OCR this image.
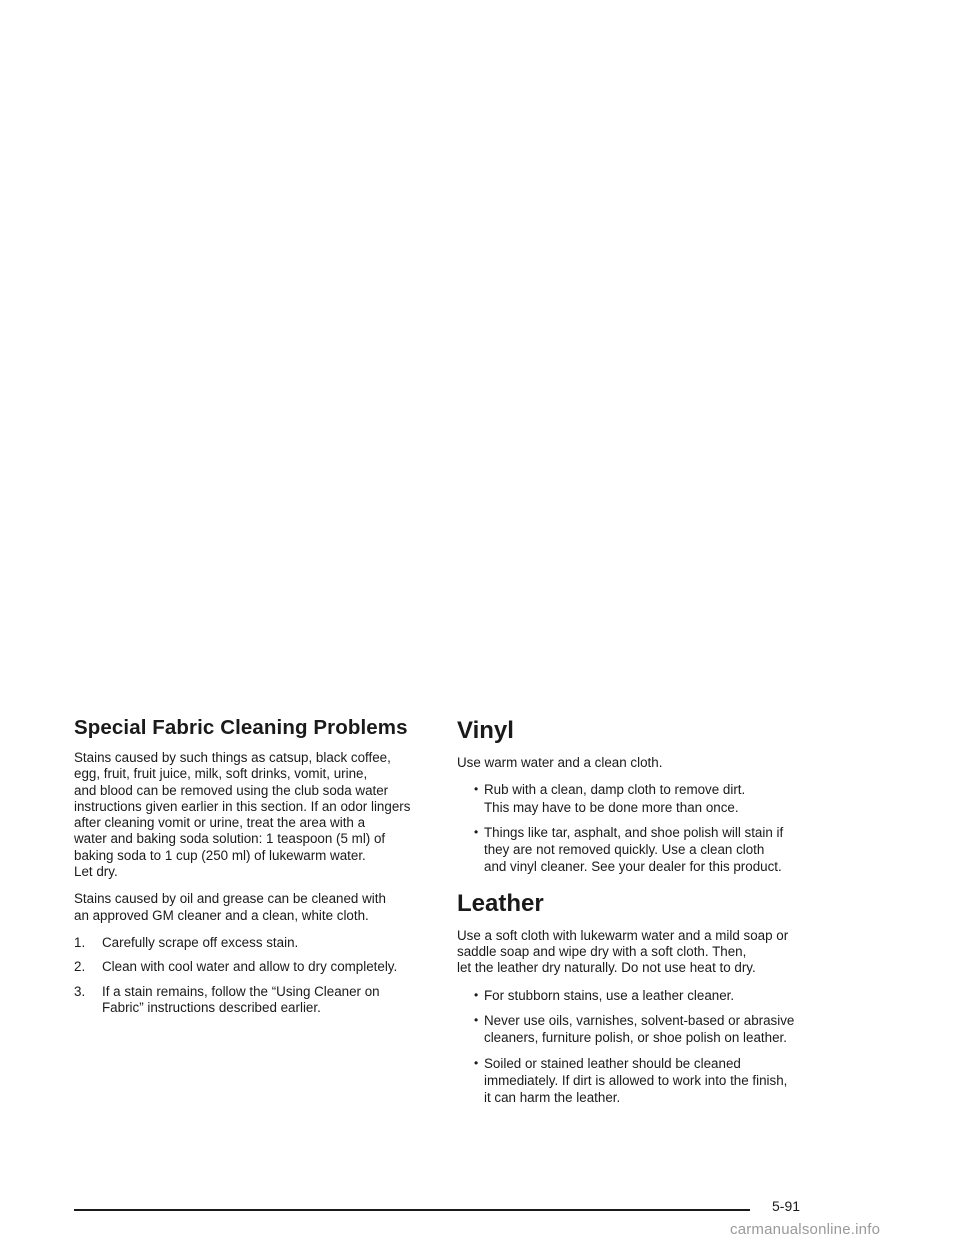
Special Fabric Cleaning Problems

Stains caused by such things as catsup, black coffee,
egg, fruit, fruit juice, milk, soft drinks, vomit, urine,
and blood can be removed using the club soda water
instructions given earlier in this section. If an odor lingers
after cleaning vomit or urine, treat the area with a
water and baking soda solution: 1 teaspoon (5 ml) of
baking soda to 1 cup (250 ml) of lukewarm water.
Let dry.

Stains caused by oil and grease can be cleaned with
an approved GM cleaner and a clean, white cloth.

1. Carefully scrape off excess stain.
2. Clean with cool water and allow to dry completely.
3. If a stain remains, follow the “Using Cleaner on
Fabric” instructions described earlier.
Vinyl

Use warm water and a clean cloth.

• Rub with a clean, damp cloth to remove dirt.
This may have to be done more than once.
• Things like tar, asphalt, and shoe polish will stain if
they are not removed quickly. Use a clean cloth
and vinyl cleaner. See your dealer for this product.
Leather

Use a soft cloth with lukewarm water and a mild soap or
saddle soap and wipe dry with a soft cloth. Then,
let the leather dry naturally. Do not use heat to dry.

• For stubborn stains, use a leather cleaner.
• Never use oils, varnishes, solvent-based or abrasive
cleaners, furniture polish, or shoe polish on leather.
• Soiled or stained leather should be cleaned
immediately. If dirt is allowed to work into the finish,
it can harm the leather.
5-91
carmanualsonline.info
